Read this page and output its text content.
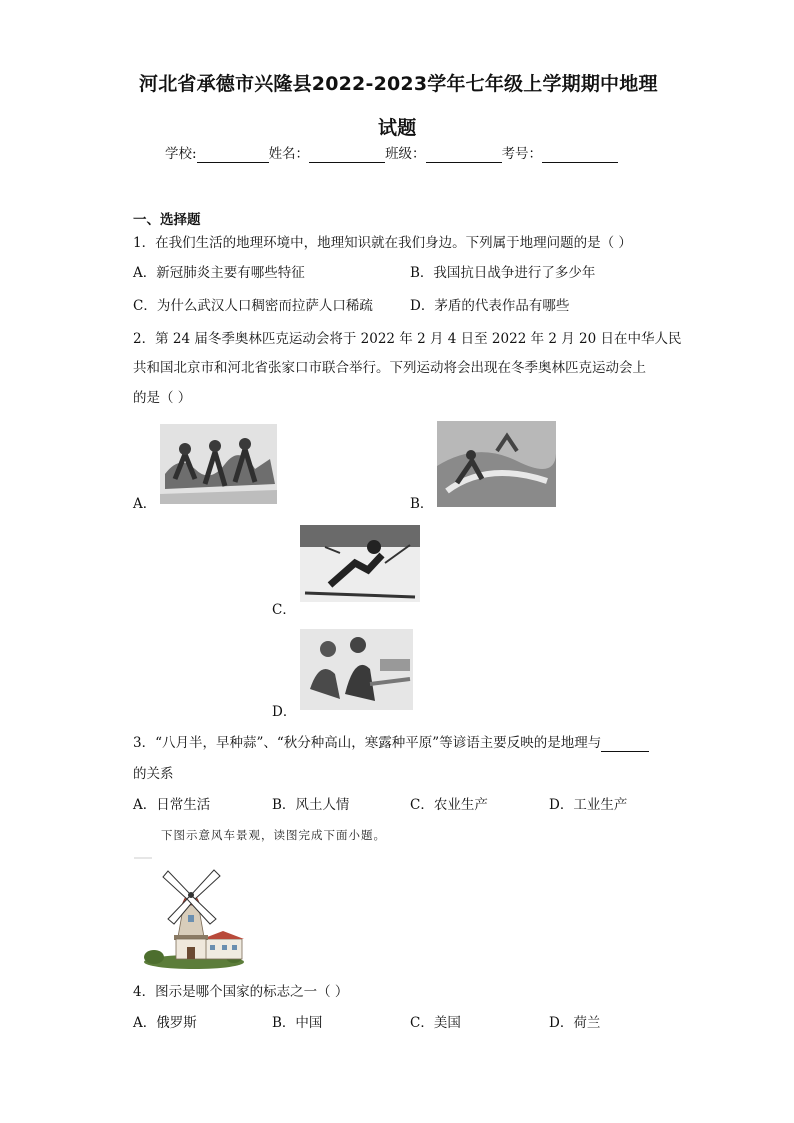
河北省承德市兴隆县2022-2023学年七年级上学期期中地理
试题
学校:	姓名：	班级：	考号：
一、选择题
1．在我们生活的地理环境中，地理知识就在我们身边。下列属于地理问题的是（ ）
A．新冠肺炎主要有哪些特征	B．我国抗日战争进行了多少年
C．为什么武汉人口稠密而拉萨人口稀疏	D．茅盾的代表作品有哪些
2．第 24 届冬季奥林匹克运动会将于 2022 年 2 月 4 日至 2022 年 2 月 20 日在中华人民
共和国北京市和河北省张家口市联合举行。下列运动将会出现在冬季奥林匹克运动会上
的是（ ）
A．	B．
C．
D．
3．“八月半，早种蒜”、“秋分种高山，寒露种平原”等谚语主要反映的是地理与
的关系
A．日常生活	B．风土人情	C．农业生产	D．工业生产
下图示意风车景观，读图完成下面小题。
4．图示是哪个国家的标志之一（ ）
A．俄罗斯	B．中国	C．美国	D．荷兰
